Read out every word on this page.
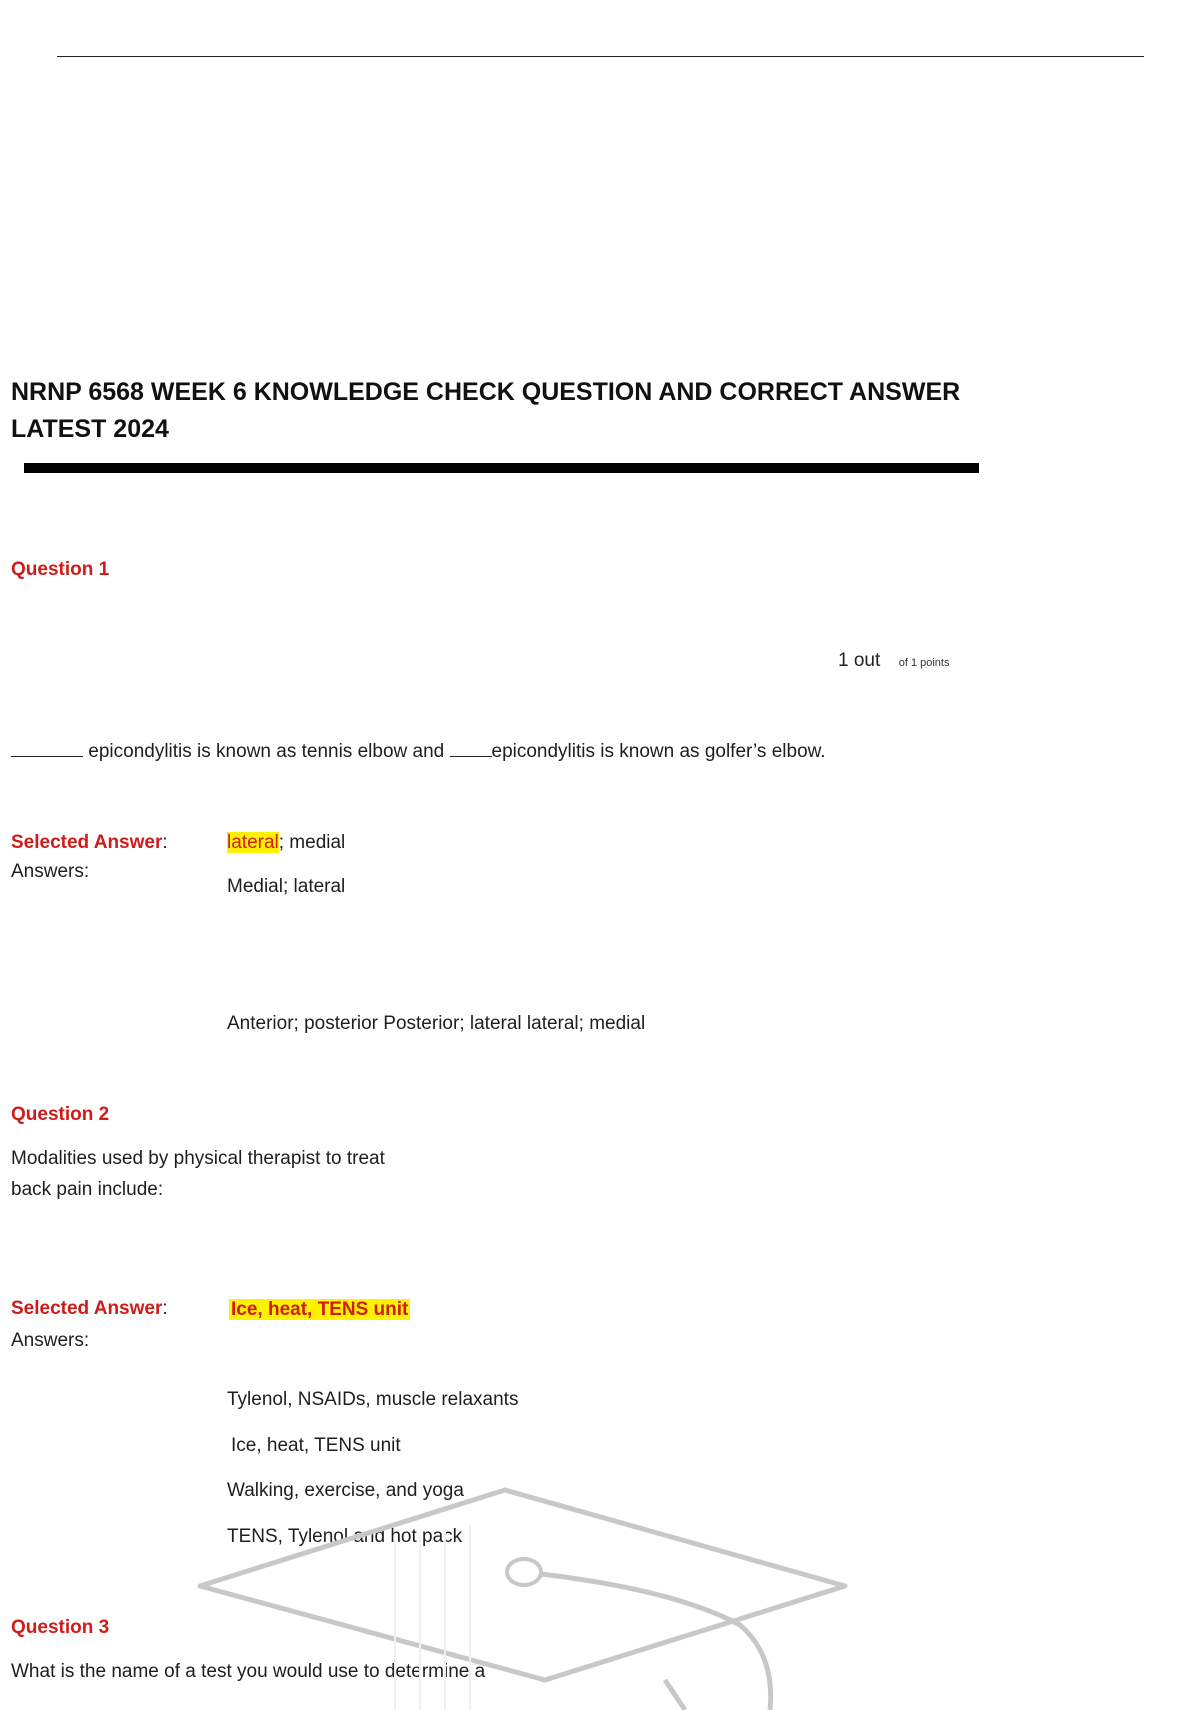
NRNP 6568 WEEK 6 KNOWLEDGE CHECK QUESTION AND CORRECT ANSWER LATEST 2024
Question 1
1 out of 1 points
epicondylitis is known as tennis elbow and epicondylitis is known as golfer’s elbow.
Selected Answer:	lateral; medial
Answers:
Medial; lateral
Anterior; posterior Posterior; lateral lateral; medial
Question 2
Modalities used by physical therapist to treat
back pain include:
Selected Answer:	Ice, heat, TENS unit
Answers:
Tylenol, NSAIDs, muscle relaxants
Ice, heat, TENS unit
Walking, exercise, and yoga
TENS, Tylenol and hot pack
Question 3
What is the name of a test you would use to determine a
